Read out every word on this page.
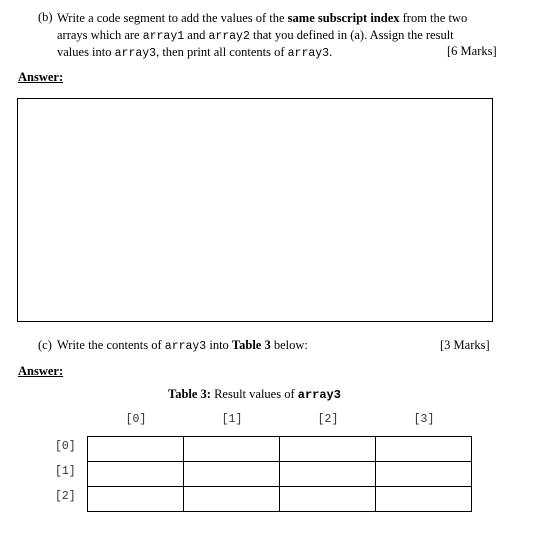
(b) Write a code segment to add the values of the same subscript index from the two
arrays which are array1 and array2 that you defined in (a). Assign the result
values into array3, then print all contents of array3.	[6 Marks]
Answer:
(c) Write the contents of array3 into Table 3 below:	[3 Marks]
Answer:
Table 3: Result values of array3
[0]	[1]	[2]	[3]
[0]
[1]
[2]
